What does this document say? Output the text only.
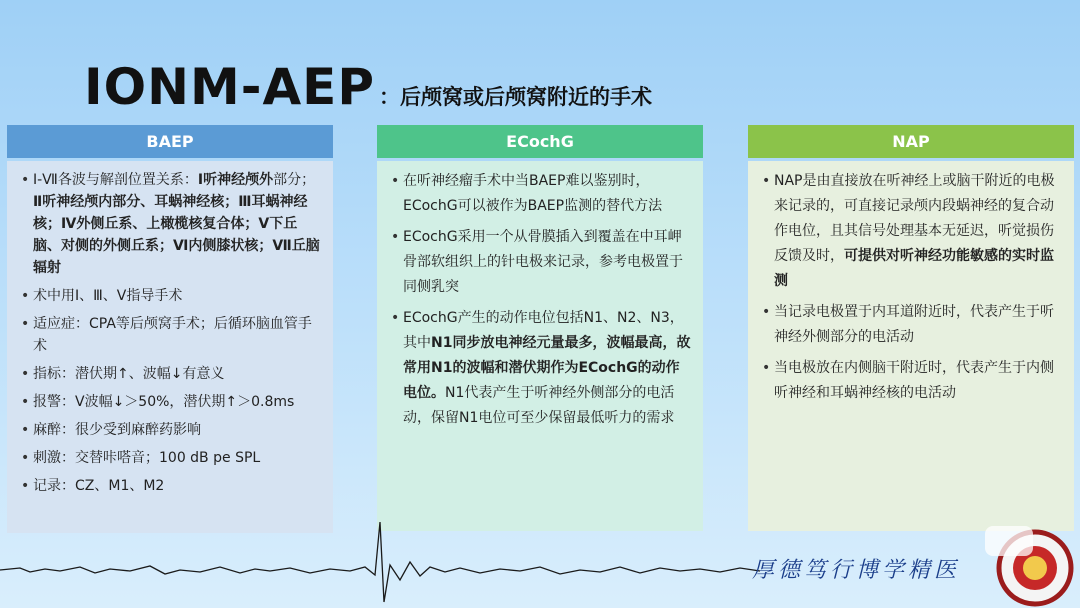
IONM-AEP ：后颅窝或后颅窝附近的手术
BAEP
• Ⅰ-Ⅶ各波与解剖位置关系：Ⅰ听神经颅外部分；Ⅱ听神经颅内部分、耳蜗神经核；Ⅲ耳蜗神经核；Ⅳ外侧丘系、上橄榄核复合体；Ⅴ下丘脑、对侧的外侧丘系；Ⅵ内侧膝状核；Ⅶ丘脑辐射
• 术中用Ⅰ、Ⅲ、Ⅴ指导手术
• 适应症：CPA等后颅窝手术；后循环脑血管手术
• 指标：潜伏期↑、波幅↓有意义
• 报警：Ⅴ波幅↓＞50%，潜伏期↑＞0.8ms
• 麻醉：很少受到麻醉药影响
• 刺激：交替咔嗒音；100 dB pe SPL
• 记录：CZ、M1、M2
ECochG
• 在听神经瘤手术中当BAEP难以鉴别时，ECochG可以被作为BAEP监测的替代方法
• ECochG采用一个从骨膜插入到覆盖在中耳岬骨部软组织上的针电极来记录，参考电极置于同侧乳突
• ECochG产生的动作电位包括N1、N2、N3，其中N1同步放电神经元量最多，波幅最高，故常用N1的波幅和潜伏期作为ECochG的动作电位。N1代表产生于听神经外侧部分的电活动，保留N1电位可至少保留最低听力的需求
NAP
• NAP是由直接放在听神经上或脑干附近的电极来记录的，可直接记录颅内段蜗神经的复合动作电位，且其信号处理基本无延迟，听觉损伤反馈及时，可提供对听神经功能敏感的实时监测
• 当记录电极置于内耳道附近时，代表产生于听神经外侧部分的电活动
• 当电极放在内侧脑干附近时，代表产生于内侧听神经和耳蜗神经核的电活动
厚德笃行博学精医
